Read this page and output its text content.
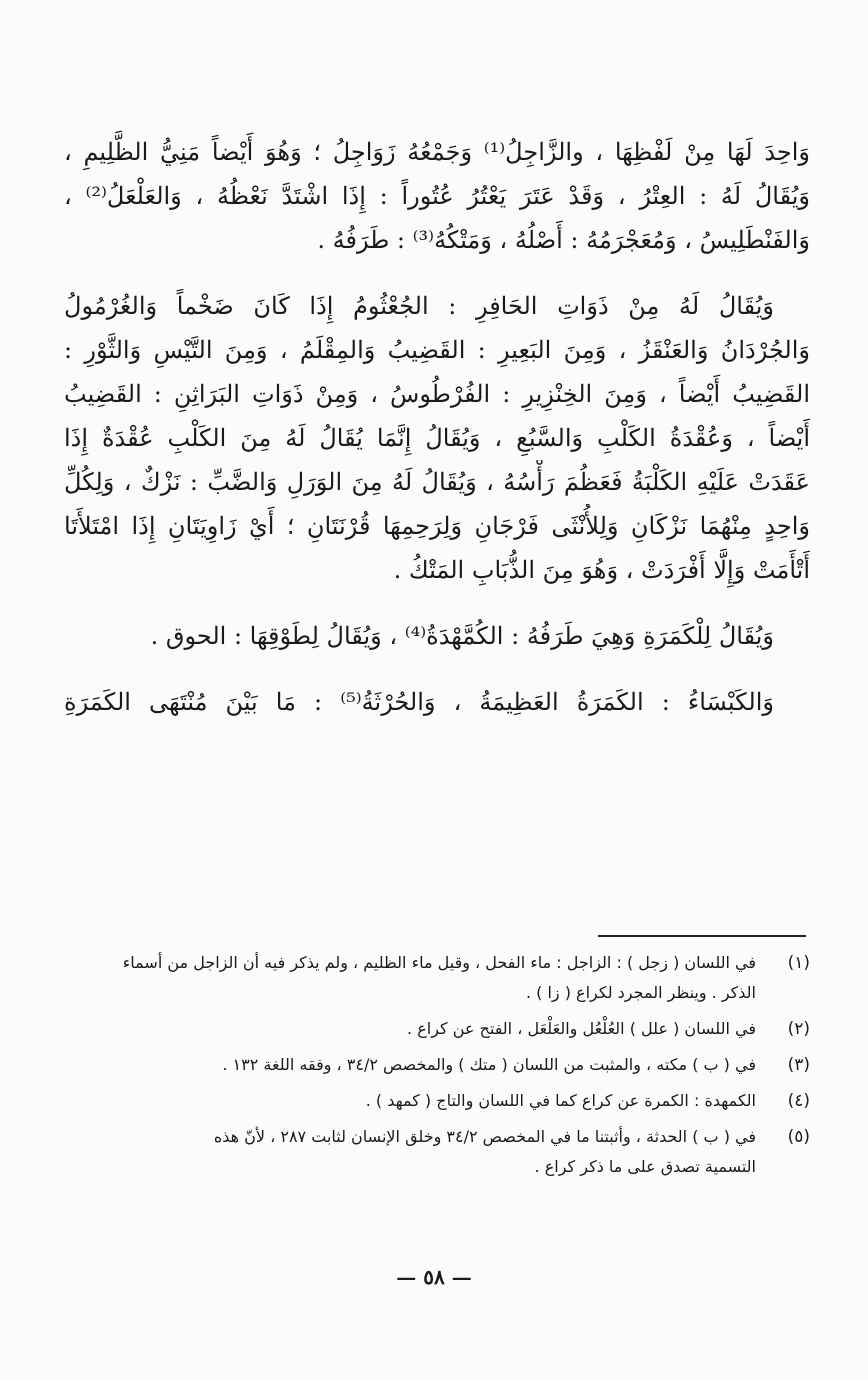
وَاحِدَ لَهَا مِنْ لَفْظِهَا ، والزَّاجِلُ⁽¹⁾ وَجَمْعُهُ زَوَاجِلُ ؛ وَهُوَ أَيْضاً مَنِيُّ الظَّلِيمِ ،
وَيُقَالُ لَهُ : العِتْرُ ، وَقَدْ عَتَرَ يَعْتُرُ عُتُوراً : إِذَا اشْتَدَّ نَعْظُهُ ، وَالعَلْعَلُ⁽²⁾ ،
وَالفَنْطَلِيسُ ، وَمُعَجْرَمُهُ : أَصْلُهُ ، وَمَتْكُهُ⁽³⁾ : طَرَفُهُ .
وَيُقَالُ لَهُ مِنْ ذَوَاتِ الحَافِرِ : الجُعْثُومُ إِذَا كَانَ ضَخْماً وَالغُرْمُولُ
وَالجُرْدَانُ وَالعَنْقَزُ ، وَمِنَ البَعِيرِ : القَضِيبُ وَالمِقْلَمُ ، وَمِنَ التَّيْسِ وَالثَّوْرِ :
القَضِيبُ أَيْضاً ، وَمِنَ الخِنْزِيرِ : الفُرْطُوسُ ، وَمِنْ ذَوَاتِ البَرَاثِنِ : القَضِيبُ
أَيْضاً ، وَعُقْدَةُ الكَلْبِ وَالسَّبُعِ ، وَيُقَالُ إِنَّمَا يُقَالُ لَهُ مِنَ الكَلْبِ عُقْدَةٌ إِذَا
عَقَدَتْ عَلَيْهِ الكَلْبَةُ فَعَظُمَ رَأْسُهُ ، وَيُقَالُ لَهُ مِنَ الوَرَلِ وَالضَّبِّ : نَزْكٌ ، وَلِكُلِّ
وَاحِدٍ مِنْهُمَا نَزْكَانِ وَلِلأُنْثَى فَرْجَانِ وَلِرَحِمِهَا قُرْنَتَانِ ؛ أَيْ زَاوِيَتَانِ إِذَا امْتَلأَتَا
أَتْأَمَتْ وَإِلَّا أَفْرَدَتْ ، وَهُوَ مِنَ الذُّبَابِ المَتْكُ .
وَيُقَالُ لِلْكَمَرَةِ وَهِيَ طَرَفُهُ : الكُمَّهْدَةُ⁽⁴⁾ ، وَيُقَالُ لِطَوْقِهَا : الحوق .
وَالكَبْسَاءُ : الكَمَرَةُ العَظِيمَةُ ، وَالحُرْثَةُ⁽⁵⁾ : مَا بَيْنَ مُنْتَهَى الكَمَرَةِ
(١)
في اللسان ( زجل ) : الزاجل : ماء الفحل ، وقيل ماء الظليم ، ولم يذكر فيه أن الزاجل من أسماء
الذكر . وينظر المجرد لكراع ( زا ) .
(٢)
في اللسان ( علل ) العُلْعُل والعَلْعَل ، الفتح عن كراع .
(٣)
في ( ب ) مكته ، والمثبت من اللسان ( متك ) والمخصص ٣٤/٢ ، وفقه اللغة ١٣٢ .
(٤)
الكمهدة : الكمرة عن كراع كما في اللسان والتاج ( كمهد ) .
(٥)
في ( ب ) الحدثة ، وأثبتنا ما في المخصص ٣٤/٢ وخلق الإنسان لثابت ٢٨٧ ، لأنّ هذه
التسمية تصدق على ما ذكر كراع .
— ٥٨ —
